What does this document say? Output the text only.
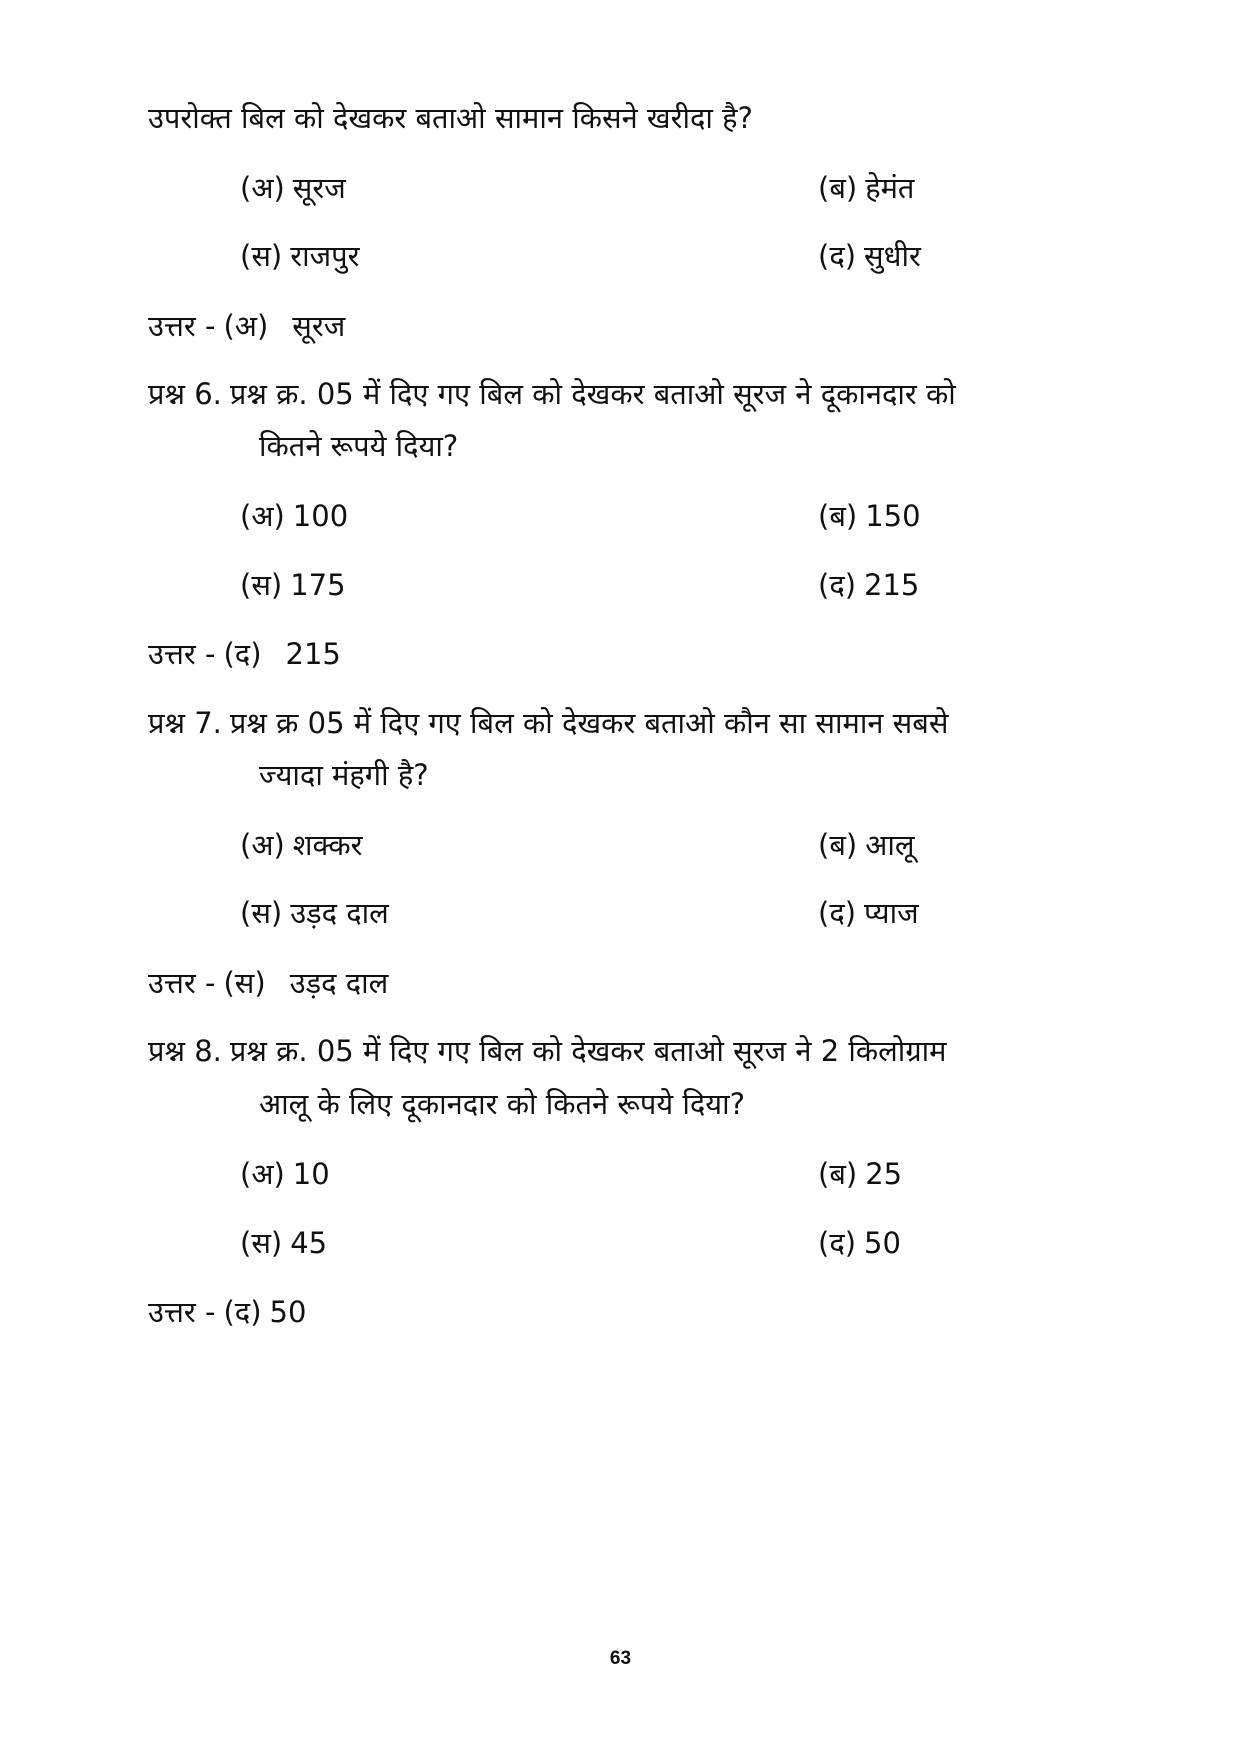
उपरोक्त बिल को देखकर बताओ सामान किसने खरीदा है?
(अ) सूरज	(ब) हेमंत
(स) राजपुर	(द) सुधीर
उत्तर - (अ) सूरज
प्रश्न 6. प्रश्न क्र. 05 में दिए गए बिल को देखकर बताओ सूरज ने दूकानदार को
कितने रूपये दिया?
(अ) 100	(ब) 150
(स) 175	(द) 215
उत्तर - (द) 215
प्रश्न 7. प्रश्न क्र 05 में दिए गए बिल को देखकर बताओ कौन सा सामान सबसे
ज्यादा मंहगी है?
(अ) शक्कर	(ब) आलू
(स) उड़द दाल	(द) प्याज
उत्तर - (स) उड़द दाल
प्रश्न 8. प्रश्न क्र. 05 में दिए गए बिल को देखकर बताओ सूरज ने 2 किलोग्राम
आलू के लिए दूकानदार को कितने रूपये दिया?
(अ) 10	(ब) 25
(स) 45	(द) 50
उत्तर - (द) 50
63
